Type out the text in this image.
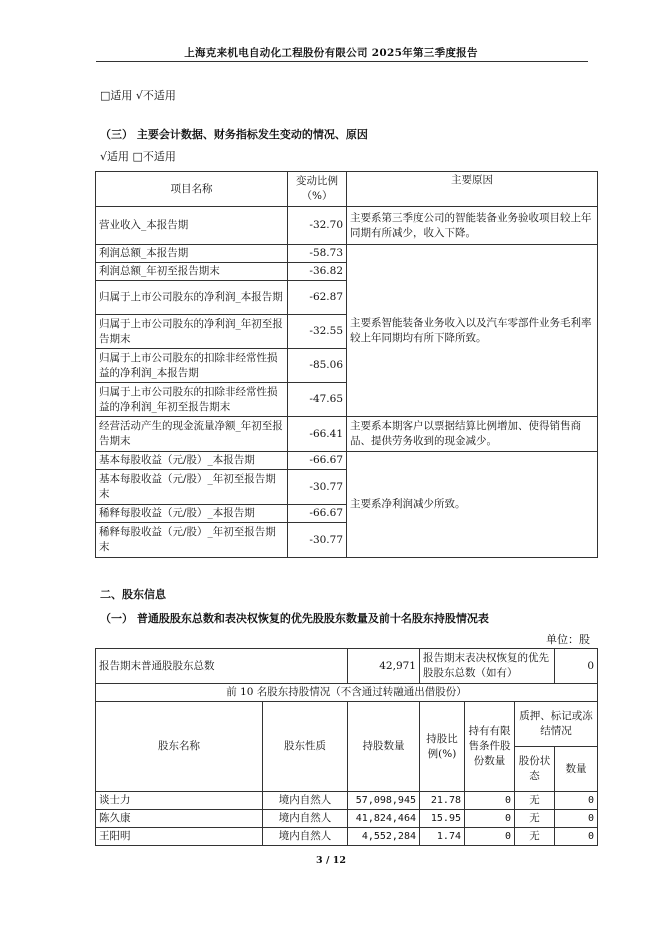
上海克来机电自动化工程股份有限公司 2025年第三季度报告
□适用 √不适用
（三） 主要会计数据、财务指标发生变动的情况、原因
√适用 □不适用
项目名称	变动比例（%）	主要原因
营业收入_本报告期	-32.70	主要系第三季度公司的智能装备业务验收项目较上年同期有所减少，收入下降。
利润总额_本报告期	-58.73	主要系智能装备业务收入以及汽车零部件业务毛利率较上年同期均有所下降所致。
利润总额_年初至报告期末	-36.82	
归属于上市公司股东的净利润_本报告期	-62.87	
归属于上市公司股东的净利润_年初至报告期末	-32.55	
归属于上市公司股东的扣除非经常性损益的净利润_本报告期	-85.06	
归属于上市公司股东的扣除非经常性损益的净利润_年初至报告期末	-47.65	
经营活动产生的现金流量净额_年初至报告期末	-66.41	主要系本期客户以票据结算比例增加、使得销售商品、提供劳务收到的现金减少。
基本每股收益（元/股）_本报告期	-66.67	主要系净利润减少所致。
基本每股收益（元/股）_年初至报告期末	-30.77	
稀释每股收益（元/股）_本报告期	-66.67	
稀释每股收益（元/股）_年初至报告期末	-30.77	
二、股东信息
（一） 普通股股东总数和表决权恢复的优先股股东数量及前十名股东持股情况表
单位：股
报告期末普通股股东总数		42,971	报告期末表决权恢复的优先股股东总数（如有）			0
前 10 名股东持股情况（不含通过转融通出借股份）						
股东名称	股东性质	持股数量	持股比例(%)	持有有限售条件股份数量	质押、标记或冻结情况	
					股份状态	数量
谈士力	境内自然人	57,098,945	21.78	0	无	0
陈久康	境内自然人	41,824,464	15.95	0	无	0
王阳明	境内自然人	4,552,284	1.74	0	无	0
3 / 12
